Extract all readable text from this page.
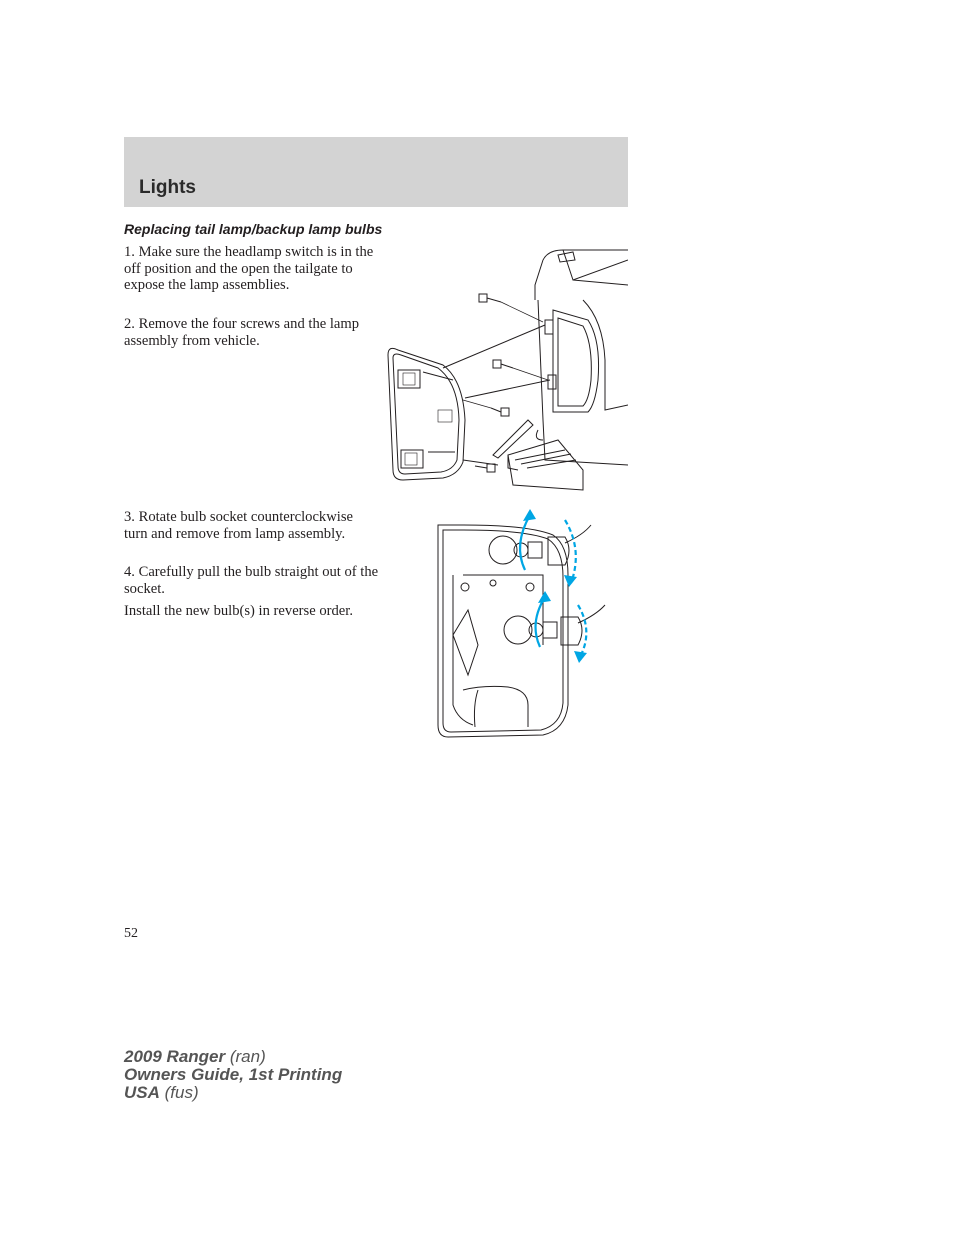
Lights
Replacing tail lamp/backup lamp bulbs

1. Make sure the headlamp switch is in the off position and the open the tailgate to expose the lamp assemblies.

2. Remove the four screws and the lamp assembly from vehicle.

3. Rotate bulb socket counterclockwise turn and remove from lamp assembly.

4. Carefully pull the bulb straight out of the socket.

Install the new bulb(s) in reverse order.

52
2009 Ranger (ran)
Owners Guide, 1st Printing
USA (fus)
